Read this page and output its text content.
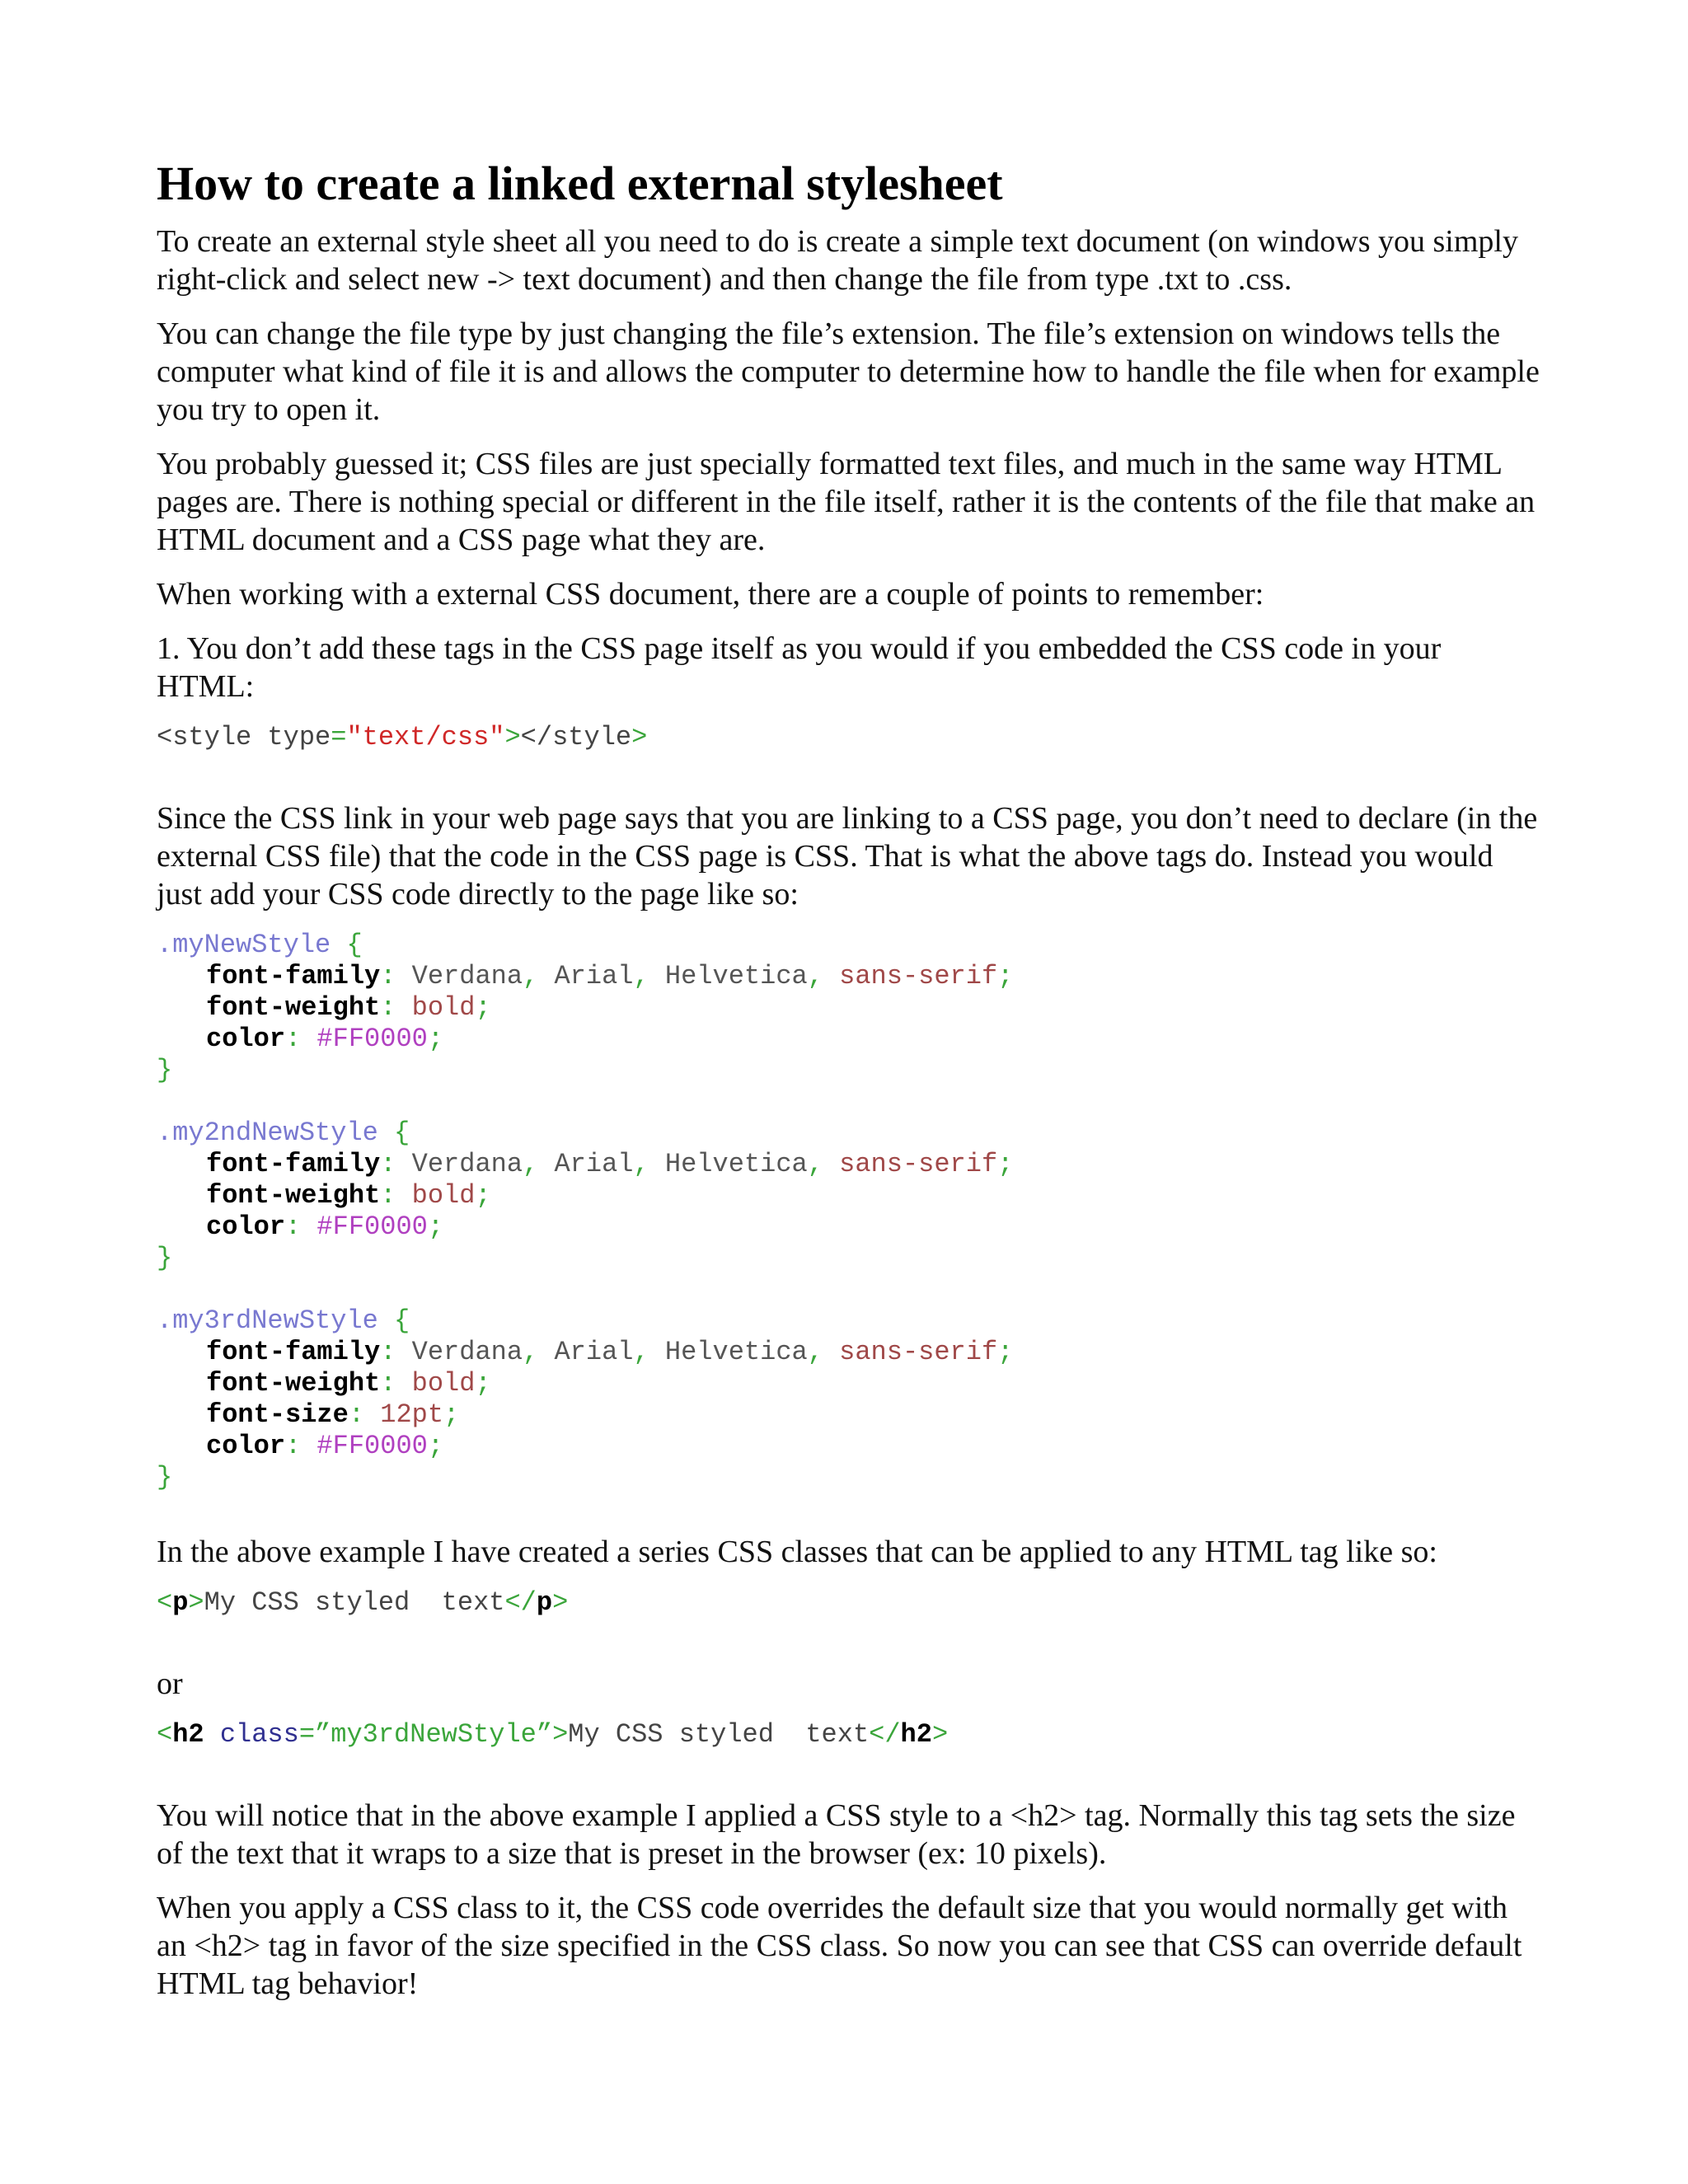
How to create a linked external stylesheet

To create an external style sheet all you need to do is create a simple text document (on windows you simply right-click and select new -> text document) and then change the file from type .txt to .css.

You can change the file type by just changing the file’s extension. The file’s extension on windows tells the computer what kind of file it is and allows the computer to determine how to handle the file when for example you try to open it.

You probably guessed it; CSS files are just specially formatted text files, and much in the same way HTML pages are. There is nothing special or different in the file itself, rather it is the contents of the file that make an HTML document and a CSS page what they are.

When working with a external CSS document, there are a couple of points to remember:

1. You don’t add these tags in the CSS page itself as you would if you embedded the CSS code in your HTML:

<style type="text/css"></style>

Since the CSS link in your web page says that you are linking to a CSS page, you don’t need to declare (in the external CSS file) that the code in the CSS page is CSS. That is what the above tags do. Instead you would just add your CSS code directly to the page like so:

.myNewStyle {
font-family: Verdana, Arial, Helvetica, sans-serif;
font-weight: bold;
color: #FF0000;
}
.my2ndNewStyle {
font-family: Verdana, Arial, Helvetica, sans-serif;
font-weight: bold;
color: #FF0000;
}
.my3rdNewStyle {
font-family: Verdana, Arial, Helvetica, sans-serif;
font-weight: bold;
font-size: 12pt;
color: #FF0000;
}

In the above example I have created a series CSS classes that can be applied to any HTML tag like so:

<p>My CSS styled  text</p>

or

<h2 class=”my3rdNewStyle”>My CSS styled  text</h2>

You will notice that in the above example I applied a CSS style to a <h2> tag. Normally this tag sets the size of the text that it wraps to a size that is preset in the browser (ex: 10 pixels).

When you apply a CSS class to it, the CSS code overrides the default size that you would normally get with an <h2> tag in favor of the size specified in the CSS class. So now you can see that CSS can override default HTML tag behavior!
